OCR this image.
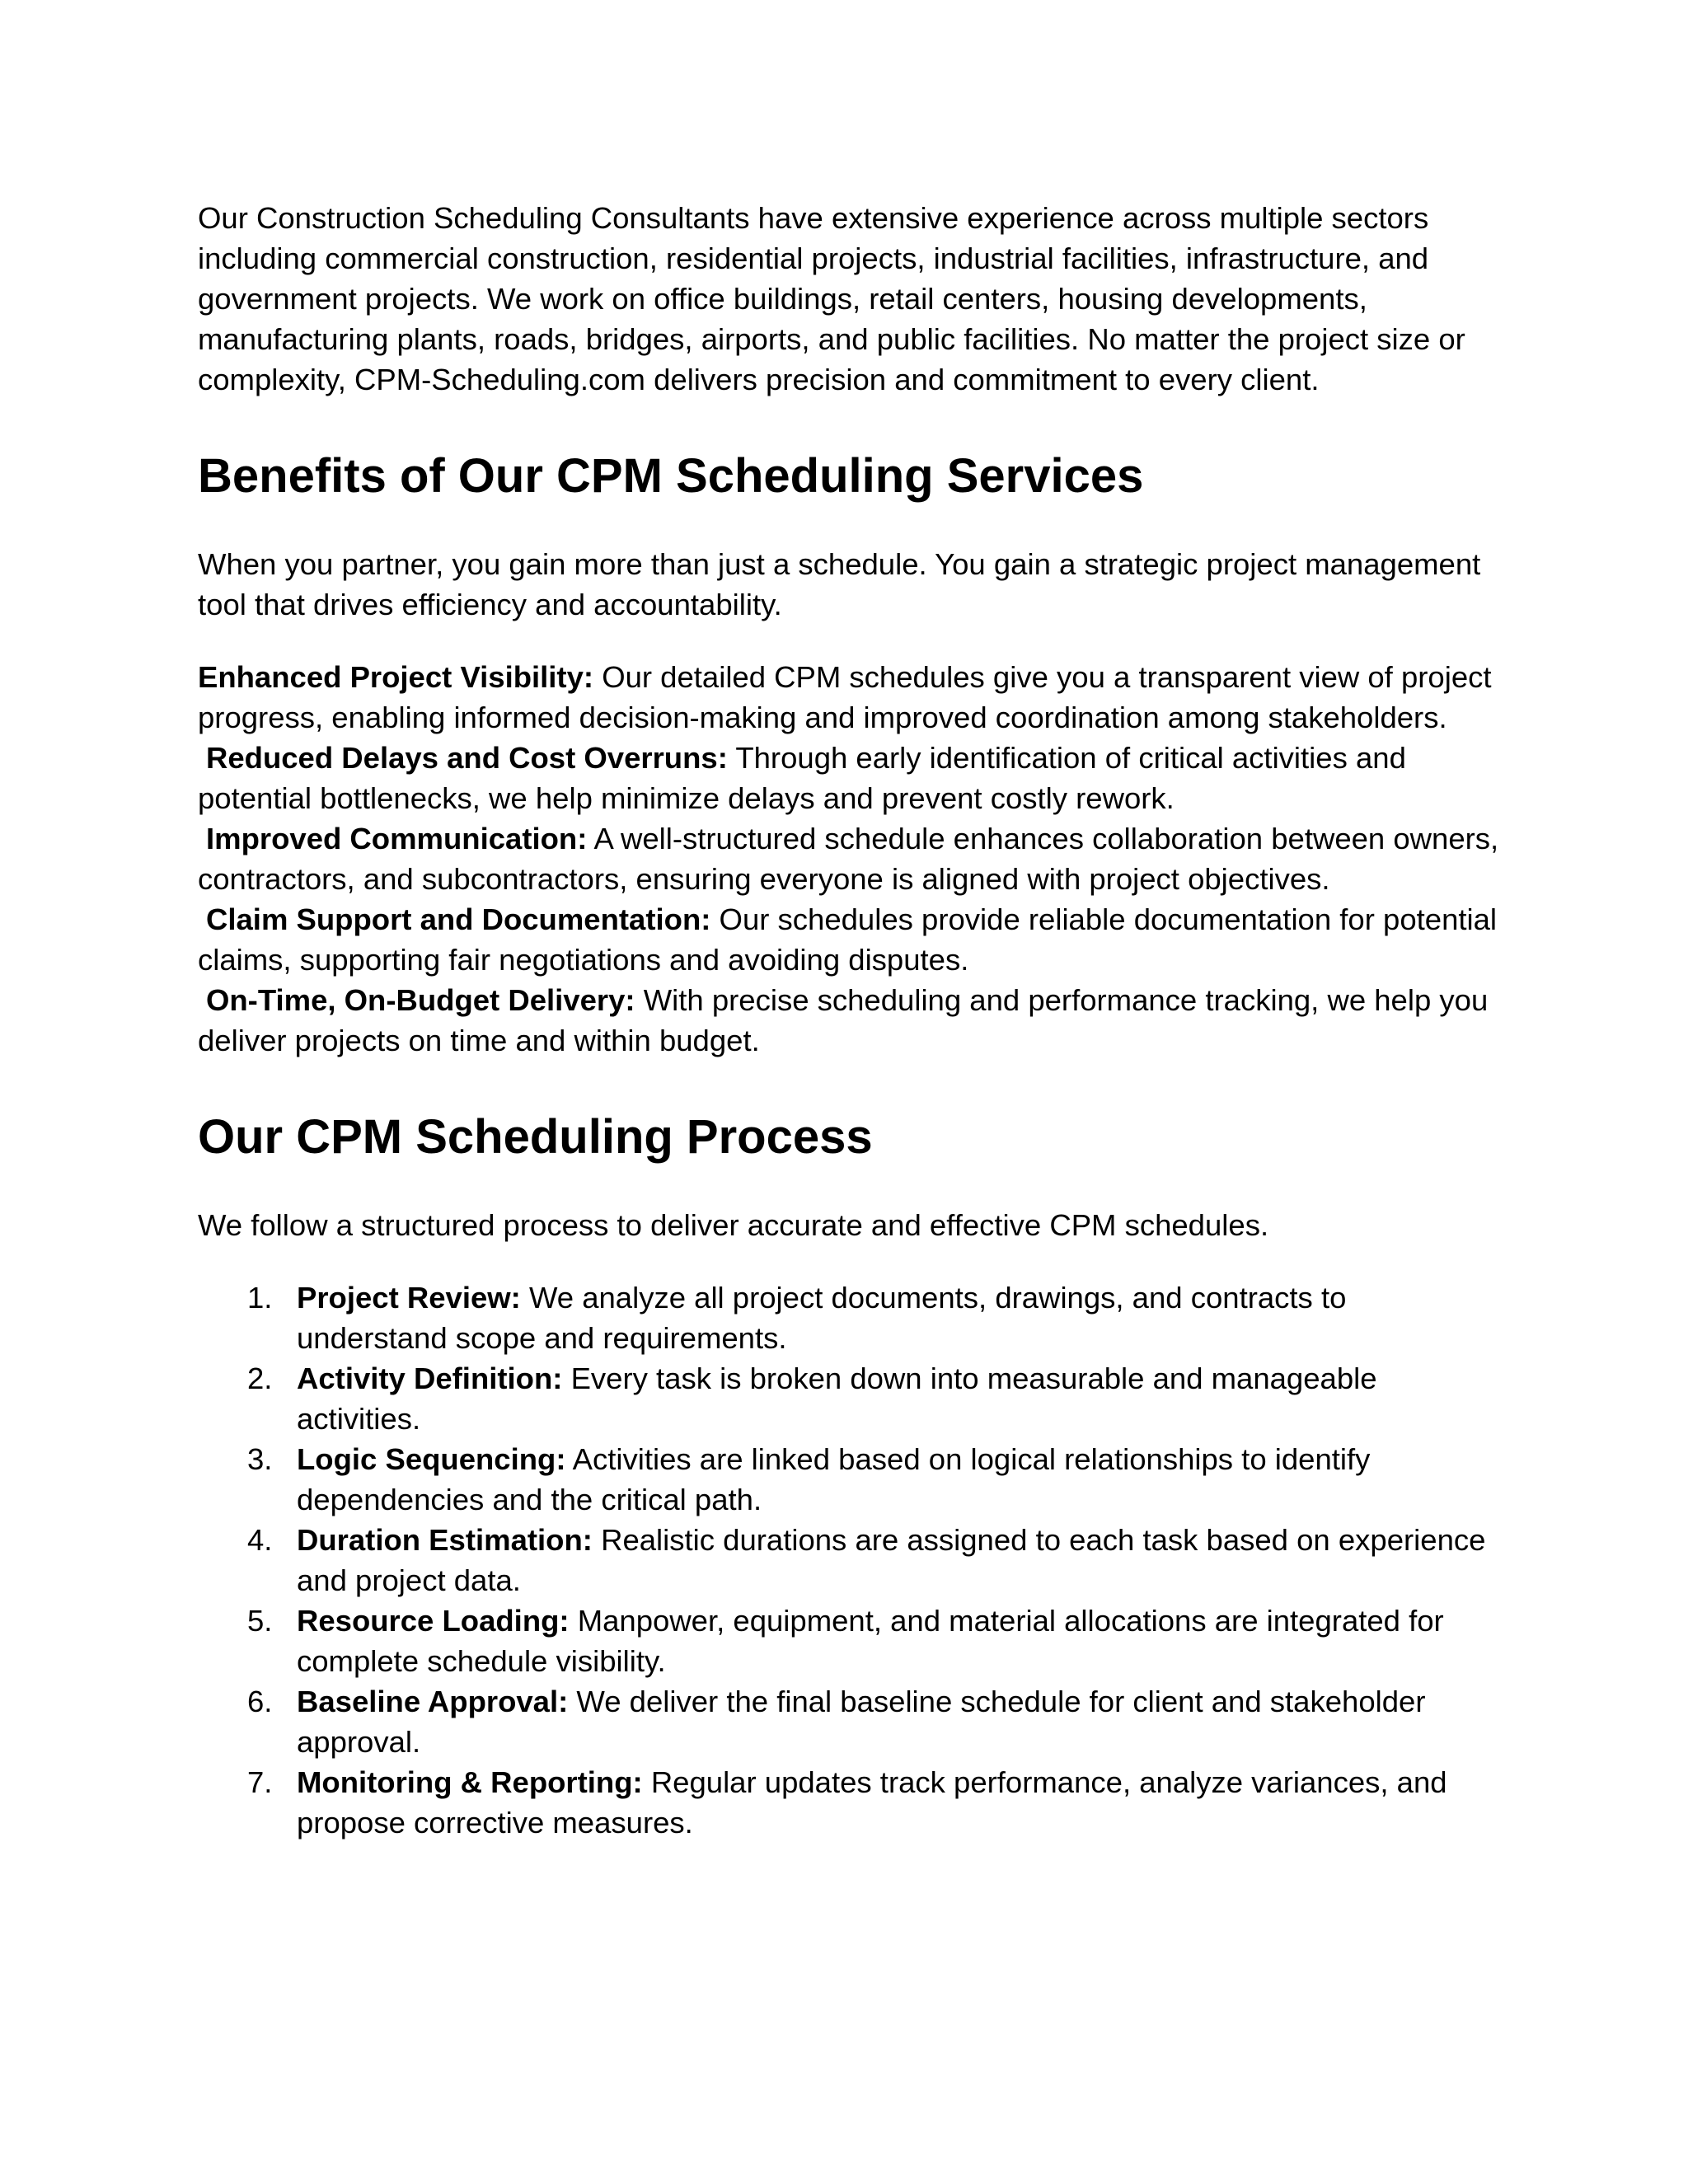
Our Construction Scheduling Consultants have extensive experience across multiple sectors including commercial construction, residential projects, industrial facilities, infrastructure, and government projects. We work on office buildings, retail centers, housing developments, manufacturing plants, roads, bridges, airports, and public facilities. No matter the project size or complexity, CPM-Scheduling.com delivers precision and commitment to every client.

Benefits of Our CPM Scheduling Services

When you partner, you gain more than just a schedule. You gain a strategic project management tool that drives efficiency and accountability.

Enhanced Project Visibility: Our detailed CPM schedules give you a transparent view of project progress, enabling informed decision-making and improved coordination among stakeholders.

Reduced Delays and Cost Overruns: Through early identification of critical activities and potential bottlenecks, we help minimize delays and prevent costly rework.

Improved Communication: A well-structured schedule enhances collaboration between owners, contractors, and subcontractors, ensuring everyone is aligned with project objectives.

Claim Support and Documentation: Our schedules provide reliable documentation for potential claims, supporting fair negotiations and avoiding disputes.

On-Time, On-Budget Delivery: With precise scheduling and performance tracking, we help you deliver projects on time and within budget.

Our CPM Scheduling Process

We follow a structured process to deliver accurate and effective CPM schedules.

1. Project Review: We analyze all project documents, drawings, and contracts to understand scope and requirements.
2. Activity Definition: Every task is broken down into measurable and manageable activities.
3. Logic Sequencing: Activities are linked based on logical relationships to identify dependencies and the critical path.
4. Duration Estimation: Realistic durations are assigned to each task based on experience and project data.
5. Resource Loading: Manpower, equipment, and material allocations are integrated for complete schedule visibility.
6. Baseline Approval: We deliver the final baseline schedule for client and stakeholder approval.
7. Monitoring & Reporting: Regular updates track performance, analyze variances, and propose corrective measures.
